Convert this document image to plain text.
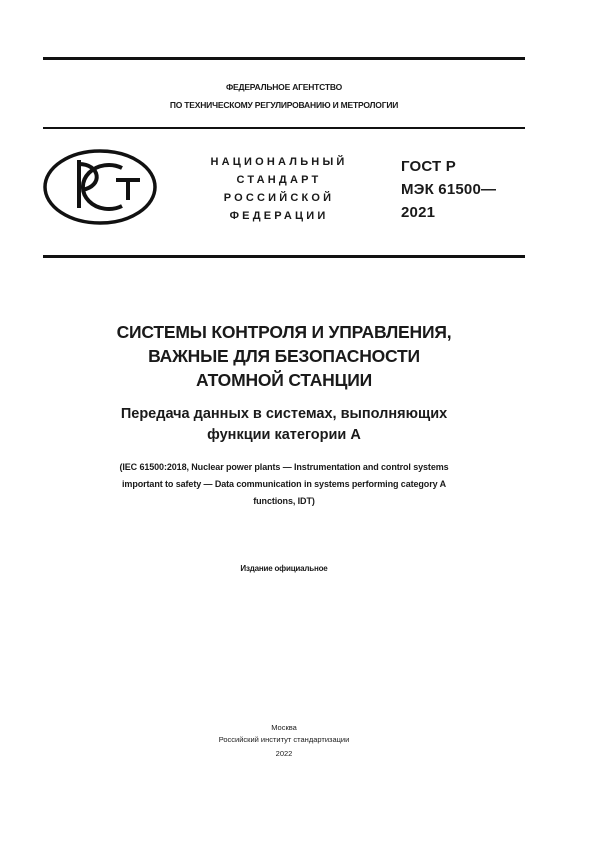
ФЕДЕРАЛЬНОЕ АГЕНТСТВО
ПО ТЕХНИЧЕСКОМУ РЕГУЛИРОВАНИЮ И МЕТРОЛОГИИ
НАЦИОНАЛЬНЫЙ
СТАНДАРТ
РОССИЙСКОЙ
ФЕДЕРАЦИИ
ГОСТ Р
МЭК 61500—
2021
СИСТЕМЫ КОНТРОЛЯ И УПРАВЛЕНИЯ,
ВАЖНЫЕ ДЛЯ БЕЗОПАСНОСТИ
АТОМНОЙ СТАНЦИИ
Передача данных в системах, выполняющих
функции категории А
(IEC 61500:2018, Nuclear power plants — Instrumentation and control systems
important to safety — Data communication in systems performing category A
functions, IDT)
Издание официальное
Москва
Российский институт стандартизации
2022
